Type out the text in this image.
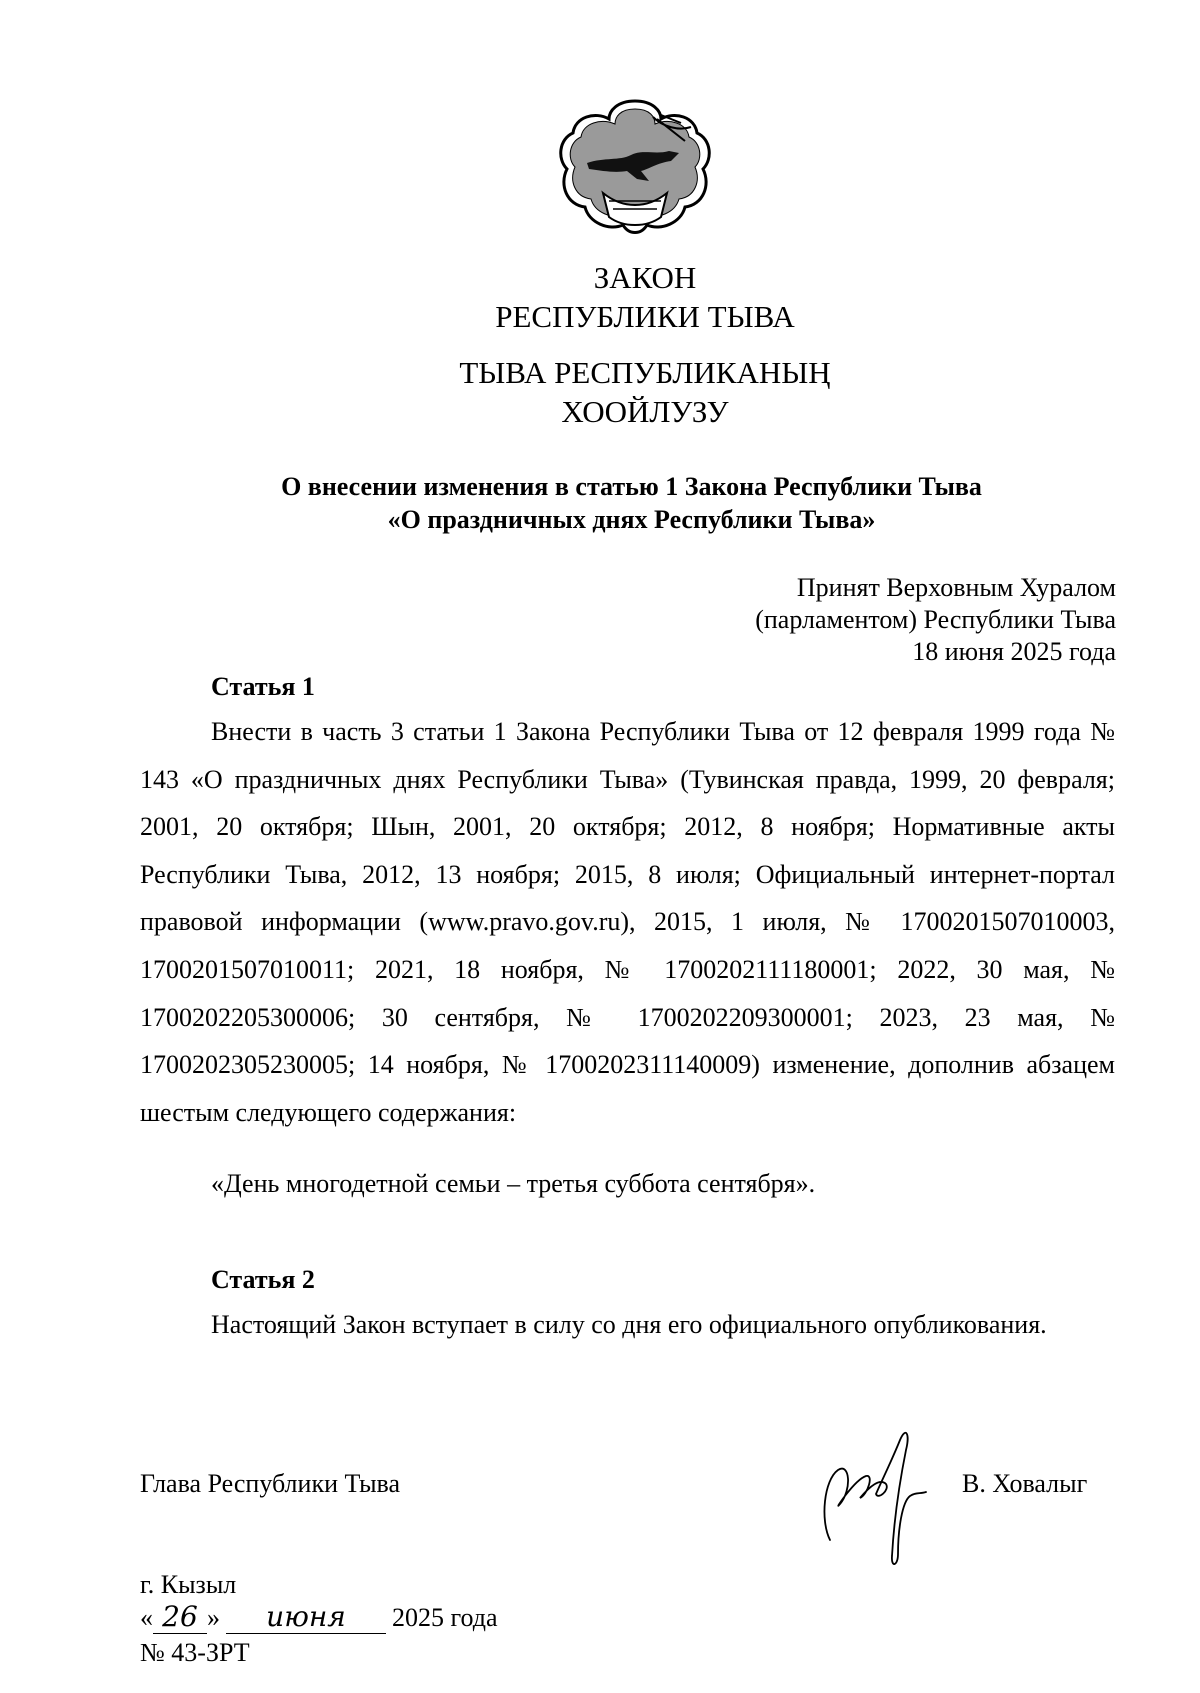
ЗАКОН
РЕСПУБЛИКИ ТЫВА
ТЫВА РЕСПУБЛИКАНЫҢ
ХООЙЛУЗУ
О внесении изменения в статью 1 Закона Республики Тыва
«О праздничных днях Республики Тыва»
Принят Верховным Хуралом
(парламентом) Республики Тыва
18 июня 2025 года
Статья 1

Внести в часть 3 статьи 1 Закона Республики Тыва от 12 февраля 1999 года № 143 «О праздничных днях Республики Тыва» (Тувинская правда, 1999, 20 февраля; 2001, 20 октября; Шын, 2001, 20 октября; 2012, 8 ноября; Нормативные акты Республики Тыва, 2012, 13 ноября; 2015, 8 июля; Официальный интернет-портал правовой информации (www.pravo.gov.ru), 2015, 1 июля, № 1700201507010003, 1700201507010011; 2021, 18 ноября, № 1700202111180001; 2022, 30 мая, № 1700202205300006; 30 сентября, № 1700202209300001; 2023, 23 мая, № 1700202305230005; 14 ноября, № 1700202311140009) изменение, дополнив абзацем шестым следующего содержания:

«День многодетной семьи – третья суббота сентября».

Статья 2

Настоящий Закон вступает в силу со дня его официального опубликования.

Глава Республики Тыва	В. Ховалыг
г. Кызыл
« 26 » июня 2025 года
№ 43-ЗРТ
